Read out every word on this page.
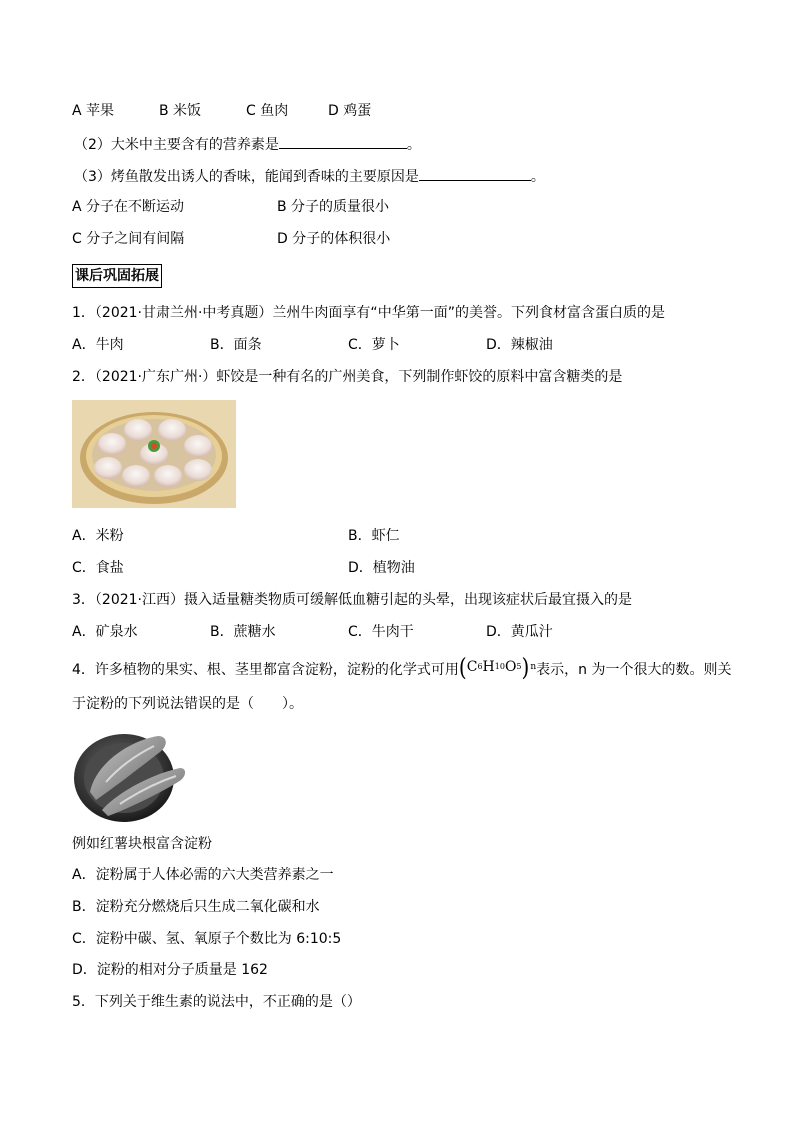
A 苹果	B 米饭	C 鱼肉	D 鸡蛋
（2）大米中主要含有的营养素是	。
（3）烤鱼散发出诱人的香味，能闻到香味的主要原因是	。
A 分子在不断运动	B 分子的质量很小
C 分子之间有间隔	D 分子的体积很小
课后巩固拓展
1．（2021·甘肃兰州·中考真题）兰州牛肉面享有“中华第一面”的美誉。下列食材富含蛋白质的是
A．牛肉	B．面条	C．萝卜	D．辣椒油
2．（2021·广东广州·）虾饺是一种有名的广州美食，下列制作虾饺的原料中富含糖类的是
A．米粉	B．虾仁
C．食盐	D．植物油
3．（2021·江西）摄入适量糖类物质可缓解低血糖引起的头晕，出现该症状后最宜摄入的是
A．矿泉水	B．蔗糖水	C．牛肉干	D．黄瓜汁
4．许多植物的果实、根、茎里都富含淀粉，淀粉的化学式可用 ( C 6 H 10 O 5 ) n 表示，n 为一个很大的数。则关
于淀粉的下列说法错误的是（　　）。
例如红薯块根富含淀粉
A．淀粉属于人体必需的六大类营养素之一
B．淀粉充分燃烧后只生成二氧化碳和水
C．淀粉中碳、氢、氧原子个数比为 6:10:5
D．淀粉的相对分子质量是 162
5．下列关于维生素的说法中，不正确的是（）
